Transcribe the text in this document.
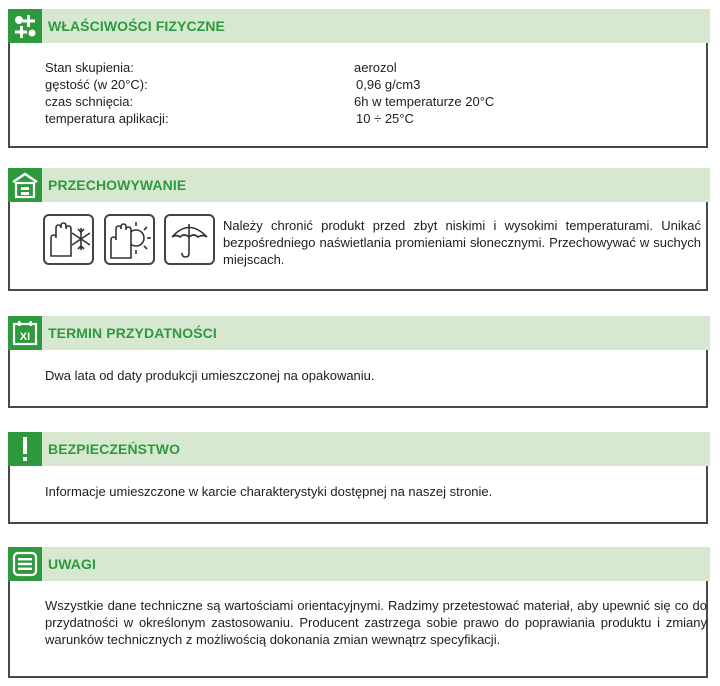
WŁAŚCIWOŚCI FIZYCZNE
Stan skupienia:	aerozol
gęstość (w 20°C):	0,96 g/cm3
czas schnięcia:	6h w temperaturze 20°C
temperatura aplikacji:	10 ÷ 25°C
PRZECHOWYWANIE
Należy chronić produkt przed zbyt niskimi i wysokimi temperaturami. Unikać bezpośredniego naświetlania promieniami słonecznymi. Przechowywać w suchych miejscach.
XI TERMIN PRZYDATNOŚCI
Dwa lata od daty produkcji umieszczonej na opakowaniu.
BEZPIECZEŃSTWO
Informacje umieszczone w karcie charakterystyki dostępnej na naszej stronie.
UWAGI
Wszystkie dane techniczne są wartościami orientacyjnymi. Radzimy przetestować materiał, aby upewnić się co do przydatności w określonym zastosowaniu. Producent zastrzega sobie prawo do poprawiania produktu i zmiany warunków technicznych z możliwością dokonania zmian wewnątrz specyfikacji.
